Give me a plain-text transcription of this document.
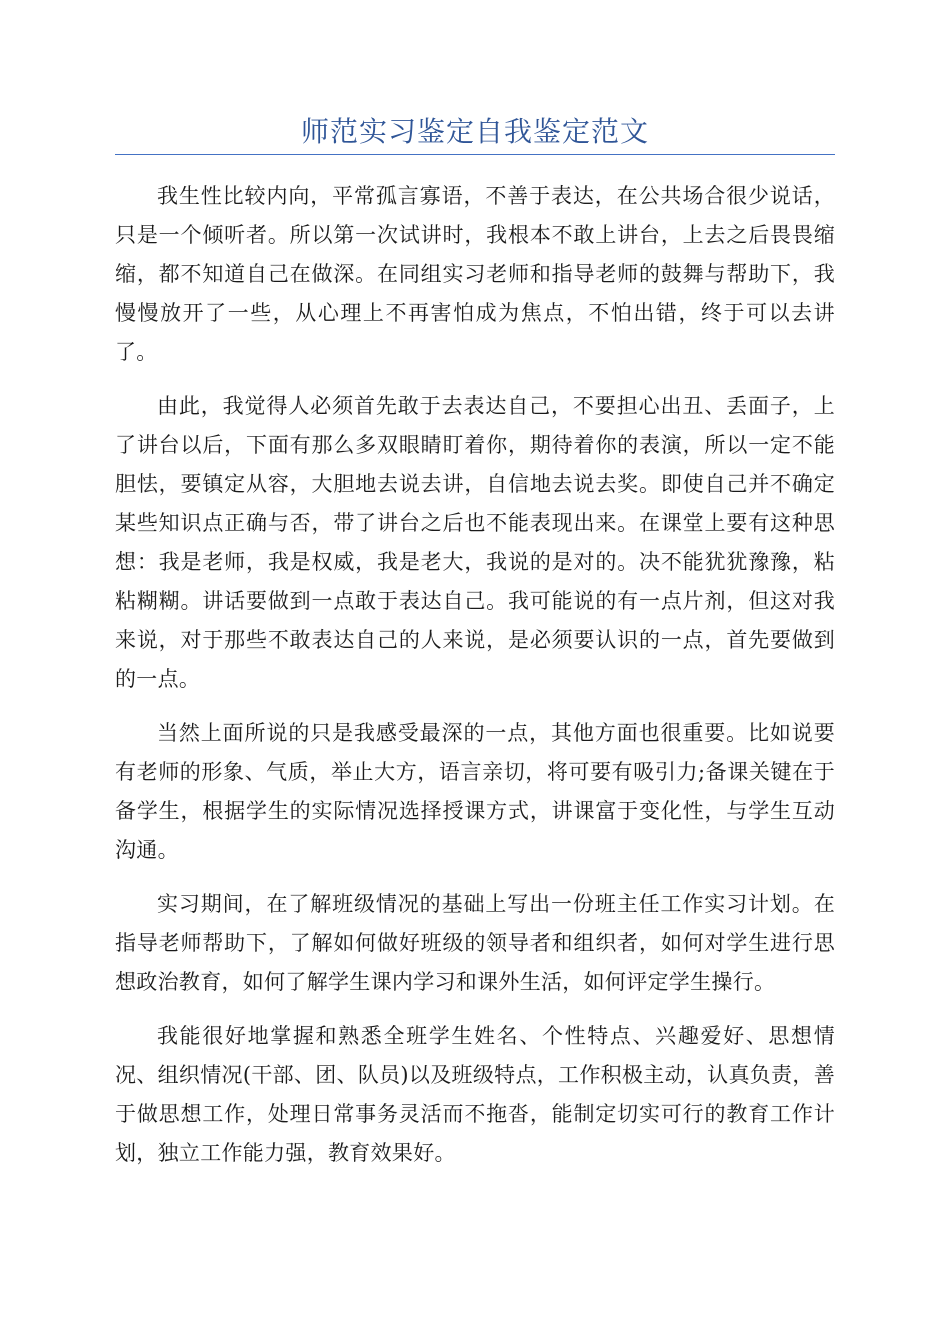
师范实习鉴定自我鉴定范文

我生性比较内向，平常孤言寡语，不善于表达，在公共场合很少说话，只是一个倾听者。所以第一次试讲时，我根本不敢上讲台，上去之后畏畏缩缩，都不知道自己在做深。在同组实习老师和指导老师的鼓舞与帮助下，我慢慢放开了一些，从心理上不再害怕成为焦点，不怕出错，终于可以去讲了。

由此，我觉得人必须首先敢于去表达自己，不要担心出丑、丢面子，上了讲台以后，下面有那么多双眼睛盯着你，期待着你的表演，所以一定不能胆怯，要镇定从容，大胆地去说去讲，自信地去说去奖。即使自己并不确定某些知识点正确与否，带了讲台之后也不能表现出来。在课堂上要有这种思想：我是老师，我是权威，我是老大，我说的是对的。决不能犹犹豫豫，粘粘糊糊。讲话要做到一点敢于表达自己。我可能说的有一点片剂，但这对我来说，对于那些不敢表达自己的人来说，是必须要认识的一点，首先要做到的一点。

当然上面所说的只是我感受最深的一点，其他方面也很重要。比如说要有老师的形象、气质，举止大方，语言亲切，将可要有吸引力;备课关键在于备学生，根据学生的实际情况选择授课方式，讲课富于变化性，与学生互动沟通。

实习期间，在了解班级情况的基础上写出一份班主任工作实习计划。在指导老师帮助下，了解如何做好班级的领导者和组织者，如何对学生进行思想政治教育，如何了解学生课内学习和课外生活，如何评定学生操行。

我能很好地掌握和熟悉全班学生姓名、个性特点、兴趣爱好、思想情况、组织情况(干部、团、队员)以及班级特点，工作积极主动，认真负责，善于做思想工作，处理日常事务灵活而不拖沓，能制定切实可行的教育工作计划，独立工作能力强，教育效果好。
